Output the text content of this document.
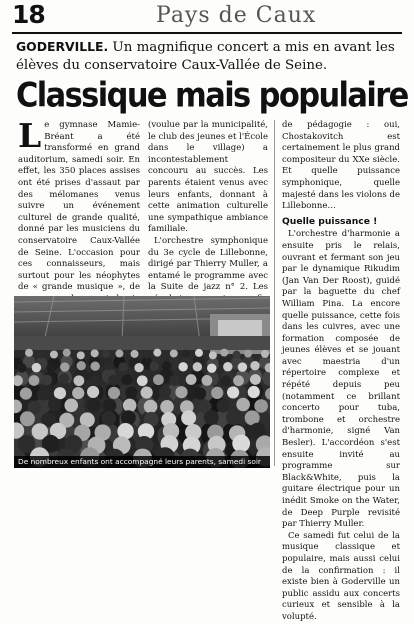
18	Pays de Caux
GODERVILLE. Un magnifique concert a mis en avant les élèves du conservatoire Caux-Vallée de Seine.
Classique mais populaire

Le gymnase Mamie-Bréant a été transformé en grand auditorium, samedi soir. En effet, les 350 places assises ont été prises d'assaut par des mélomanes venus suivre un événement culturel de grande qualité, donné par les musiciens du conservatoire Caux-Vallée de Seine. L'occasion pour ces connaisseurs, mais surtout pour les néophytes de « grande musique », de

(voulue par la municipalité, le club des jeunes et l'École dans le village) a incontestablement concouru au succès. Les parents étaient venus avec leurs enfants, donnant à cette animation culturelle une sympathique ambiance familiale.

L'orchestre symphonique du 3e cycle de Lillebonne, dirigé par Thierry Muller, a entamé le programme avec la Suite de jazz n° 2. Les

de pédagogie : oui, Chostakovitch est certainement le plus grand compositeur du XXe siècle. Et quelle puissance symphonique, quelle majesté dans les violons de Lillebonne…

Quelle puissance !

L'orchestre d'harmonie a ensuite pris le relais, ouvrant et fermant son jeu par le dynamique Rikudim (Jan Van Der Roost), guidé par la baguette du chef William Pina. La encore quelle puissance, cette fois dans les cuivres, avec une formation composée de jeunes élèves et se jouant avec maestria d'un répertoire complexe et répété depuis peu (notamment ce brillant concerto pour tuba, trombone et orchestre d'harmonie, signé Van Besler). L'accordéon s'est ensuite invité au programme sur Black&White, puis la guitare électrique pour un inédit Smoke on the Water, de Deep Purple revisité par Thierry Muller.

Ce samedi fut celui de la musique classique et populaire, mais aussi celui de la confirmation : il existe bien à Goderville un public assidu aux concerts curieux et sensible à la volupté.

De nombreux enfants ont accompagné leurs parents, samedi soir
